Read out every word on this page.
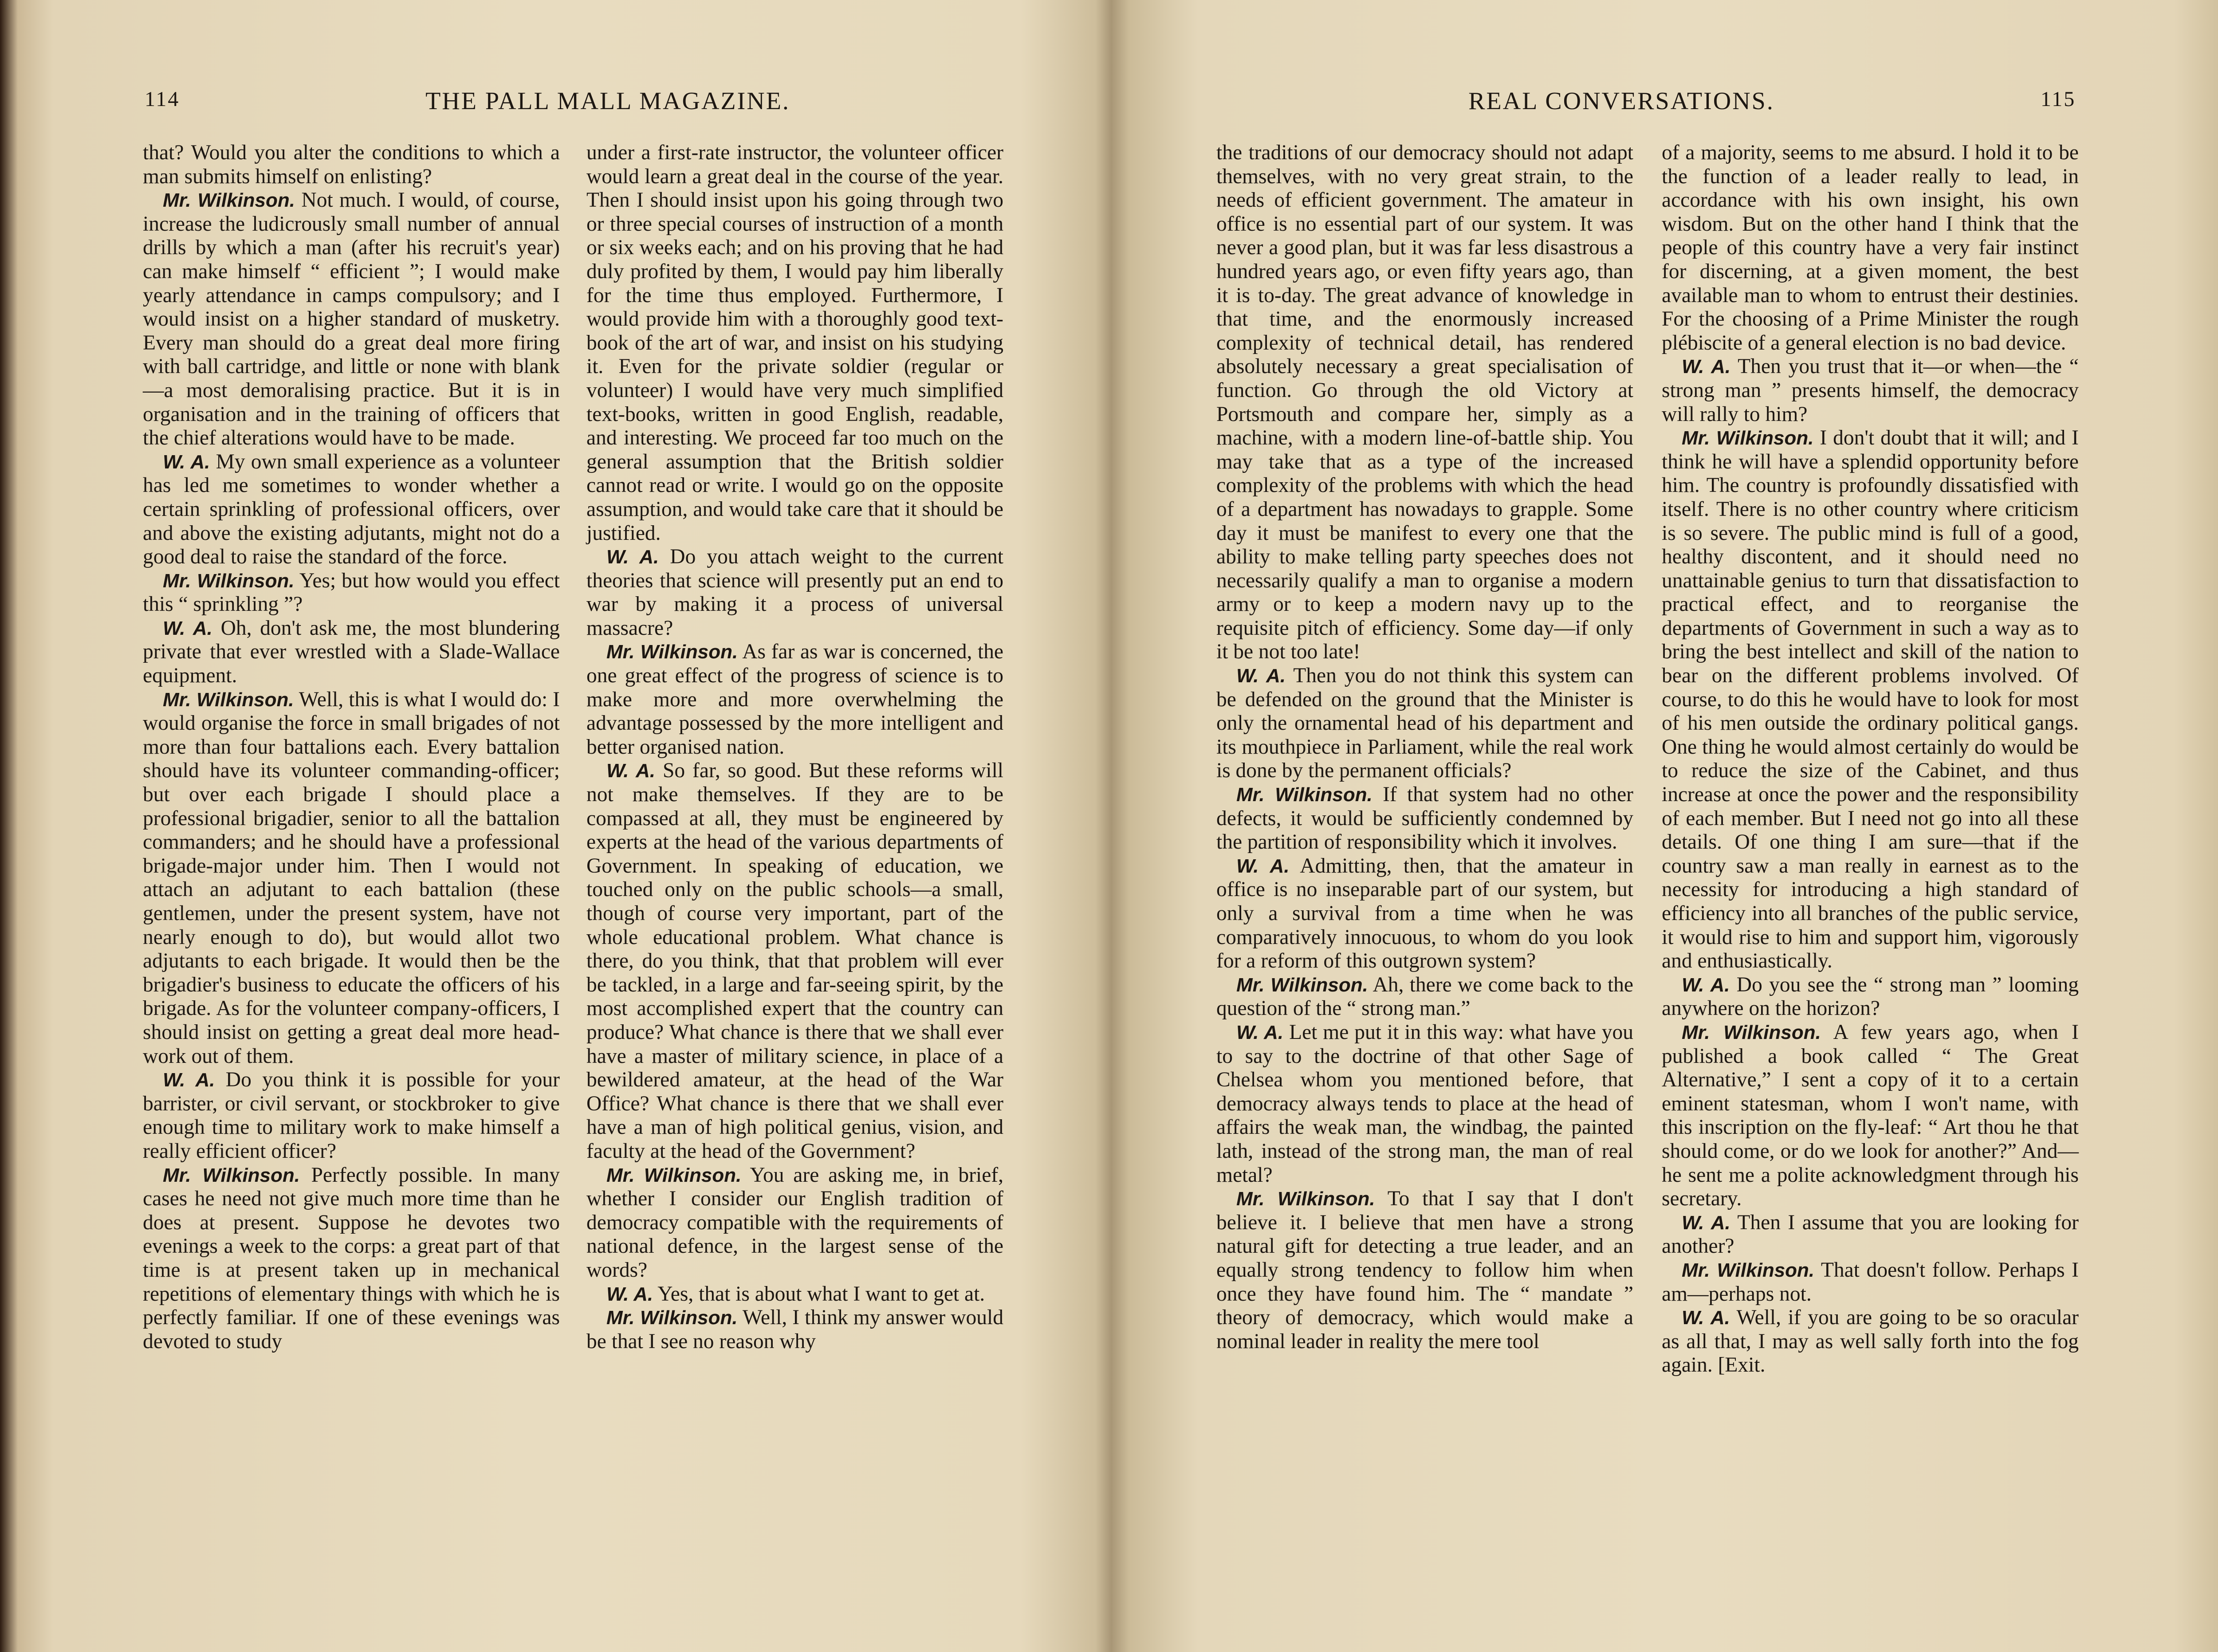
114	THE PALL MALL MAGAZINE.

that? Would you alter the conditions to which a man submits himself on enlisting?

Mr. Wilkinson. Not much. I would, of course, increase the ludicrously small number of annual drills by which a man (after his recruit's year) can make himself “ efficient ”; I would make yearly attendance in camps compulsory; and I would insist on a higher standard of musketry. Every man should do a great deal more firing with ball cartridge, and little or none with blank—a most demoralising practice. But it is in organisation and in the training of officers that the chief alterations would have to be made.

W. A. My own small experience as a volunteer has led me sometimes to wonder whether a certain sprinkling of professional officers, over and above the existing adjutants, might not do a good deal to raise the standard of the force.

Mr. Wilkinson. Yes; but how would you effect this “ sprinkling ”?

W. A. Oh, don't ask me, the most blundering private that ever wrestled with a Slade-Wallace equipment.

Mr. Wilkinson. Well, this is what I would do: I would organise the force in small brigades of not more than four battalions each. Every battalion should have its volunteer commanding-officer; but over each brigade I should place a professional brigadier, senior to all the battalion commanders; and he should have a professional brigade-major under him. Then I would not attach an adjutant to each battalion (these gentlemen, under the present system, have not nearly enough to do), but would allot two adjutants to each brigade. It would then be the brigadier's business to educate the officers of his brigade. As for the volunteer company-officers, I should insist on getting a great deal more head-work out of them.

W. A. Do you think it is possible for your barrister, or civil servant, or stockbroker to give enough time to military work to make himself a really efficient officer?

Mr. Wilkinson. Perfectly possible. In many cases he need not give much more time than he does at present. Suppose he devotes two evenings a week to the corps: a great part of that time is at present taken up in mechanical repetitions of elementary things with which he is perfectly familiar. If one of these evenings was devoted to study

under a first-rate instructor, the volunteer officer would learn a great deal in the course of the year. Then I should insist upon his going through two or three special courses of instruction of a month or six weeks each; and on his proving that he had duly profited by them, I would pay him liberally for the time thus employed. Furthermore, I would provide him with a thoroughly good text-book of the art of war, and insist on his studying it. Even for the private soldier (regular or volunteer) I would have very much simplified text-books, written in good English, readable, and interesting. We proceed far too much on the general assumption that the British soldier cannot read or write. I would go on the opposite assumption, and would take care that it should be justified.

W. A. Do you attach weight to the current theories that science will presently put an end to war by making it a process of universal massacre?

Mr. Wilkinson. As far as war is concerned, the one great effect of the progress of science is to make more and more overwhelming the advantage possessed by the more intelligent and better organised nation.

W. A. So far, so good. But these reforms will not make themselves. If they are to be compassed at all, they must be engineered by experts at the head of the various departments of Government. In speaking of education, we touched only on the public schools—a small, though of course very important, part of the whole educational problem. What chance is there, do you think, that that problem will ever be tackled, in a large and far-seeing spirit, by the most accomplished expert that the country can produce? What chance is there that we shall ever have a master of military science, in place of a bewildered amateur, at the head of the War Office? What chance is there that we shall ever have a man of high political genius, vision, and faculty at the head of the Government?

Mr. Wilkinson. You are asking me, in brief, whether I consider our English tradition of democracy compatible with the requirements of national defence, in the largest sense of the words?

W. A. Yes, that is about what I want to get at.

Mr. Wilkinson. Well, I think my answer would be that I see no reason why

REAL CONVERSATIONS.	115

the traditions of our democracy should not adapt themselves, with no very great strain, to the needs of efficient government. The amateur in office is no essential part of our system. It was never a good plan, but it was far less disastrous a hundred years ago, or even fifty years ago, than it is to-day. The great advance of knowledge in that time, and the enormously increased complexity of technical detail, has rendered absolutely necessary a great specialisation of function. Go through the old Victory at Portsmouth and compare her, simply as a machine, with a modern line-of-battle ship. You may take that as a type of the increased complexity of the problems with which the head of a department has nowadays to grapple. Some day it must be manifest to every one that the ability to make telling party speeches does not necessarily qualify a man to organise a modern army or to keep a modern navy up to the requisite pitch of efficiency. Some day—if only it be not too late!

W. A. Then you do not think this system can be defended on the ground that the Minister is only the ornamental head of his department and its mouthpiece in Parliament, while the real work is done by the permanent officials?

Mr. Wilkinson. If that system had no other defects, it would be sufficiently condemned by the partition of responsibility which it involves.

W. A. Admitting, then, that the amateur in office is no inseparable part of our system, but only a survival from a time when he was comparatively innocuous, to whom do you look for a reform of this outgrown system?

Mr. Wilkinson. Ah, there we come back to the question of the “ strong man.”

W. A. Let me put it in this way: what have you to say to the doctrine of that other Sage of Chelsea whom you mentioned before, that democracy always tends to place at the head of affairs the weak man, the windbag, the painted lath, instead of the strong man, the man of real metal?

Mr. Wilkinson. To that I say that I don't believe it. I believe that men have a strong natural gift for detecting a true leader, and an equally strong tendency to follow him when once they have found him. The “ mandate ” theory of democracy, which would make a nominal leader in reality the mere tool

of a majority, seems to me absurd. I hold it to be the function of a leader really to lead, in accordance with his own insight, his own wisdom. But on the other hand I think that the people of this country have a very fair instinct for discerning, at a given moment, the best available man to whom to entrust their destinies. For the choosing of a Prime Minister the rough plébiscite of a general election is no bad device.

W. A. Then you trust that it—or when—the “ strong man ” presents himself, the democracy will rally to him?

Mr. Wilkinson. I don't doubt that it will; and I think he will have a splendid opportunity before him. The country is profoundly dissatisfied with itself. There is no other country where criticism is so severe. The public mind is full of a good, healthy discontent, and it should need no unattainable genius to turn that dissatisfaction to practical effect, and to reorganise the departments of Government in such a way as to bring the best intellect and skill of the nation to bear on the different problems involved. Of course, to do this he would have to look for most of his men outside the ordinary political gangs. One thing he would almost certainly do would be to reduce the size of the Cabinet, and thus increase at once the power and the responsibility of each member. But I need not go into all these details. Of one thing I am sure—that if the country saw a man really in earnest as to the necessity for introducing a high standard of efficiency into all branches of the public service, it would rise to him and support him, vigorously and enthusiastically.

W. A. Do you see the “ strong man ” looming anywhere on the horizon?

Mr. Wilkinson. A few years ago, when I published a book called “ The Great Alternative,” I sent a copy of it to a certain eminent statesman, whom I won't name, with this inscription on the fly-leaf: “ Art thou he that should come, or do we look for another?” And—he sent me a polite acknowledgment through his secretary.

W. A. Then I assume that you are looking for another?

Mr. Wilkinson. That doesn't follow. Perhaps I am—perhaps not.

W. A. Well, if you are going to be so oracular as all that, I may as well sally forth into the fog again. [Exit.
